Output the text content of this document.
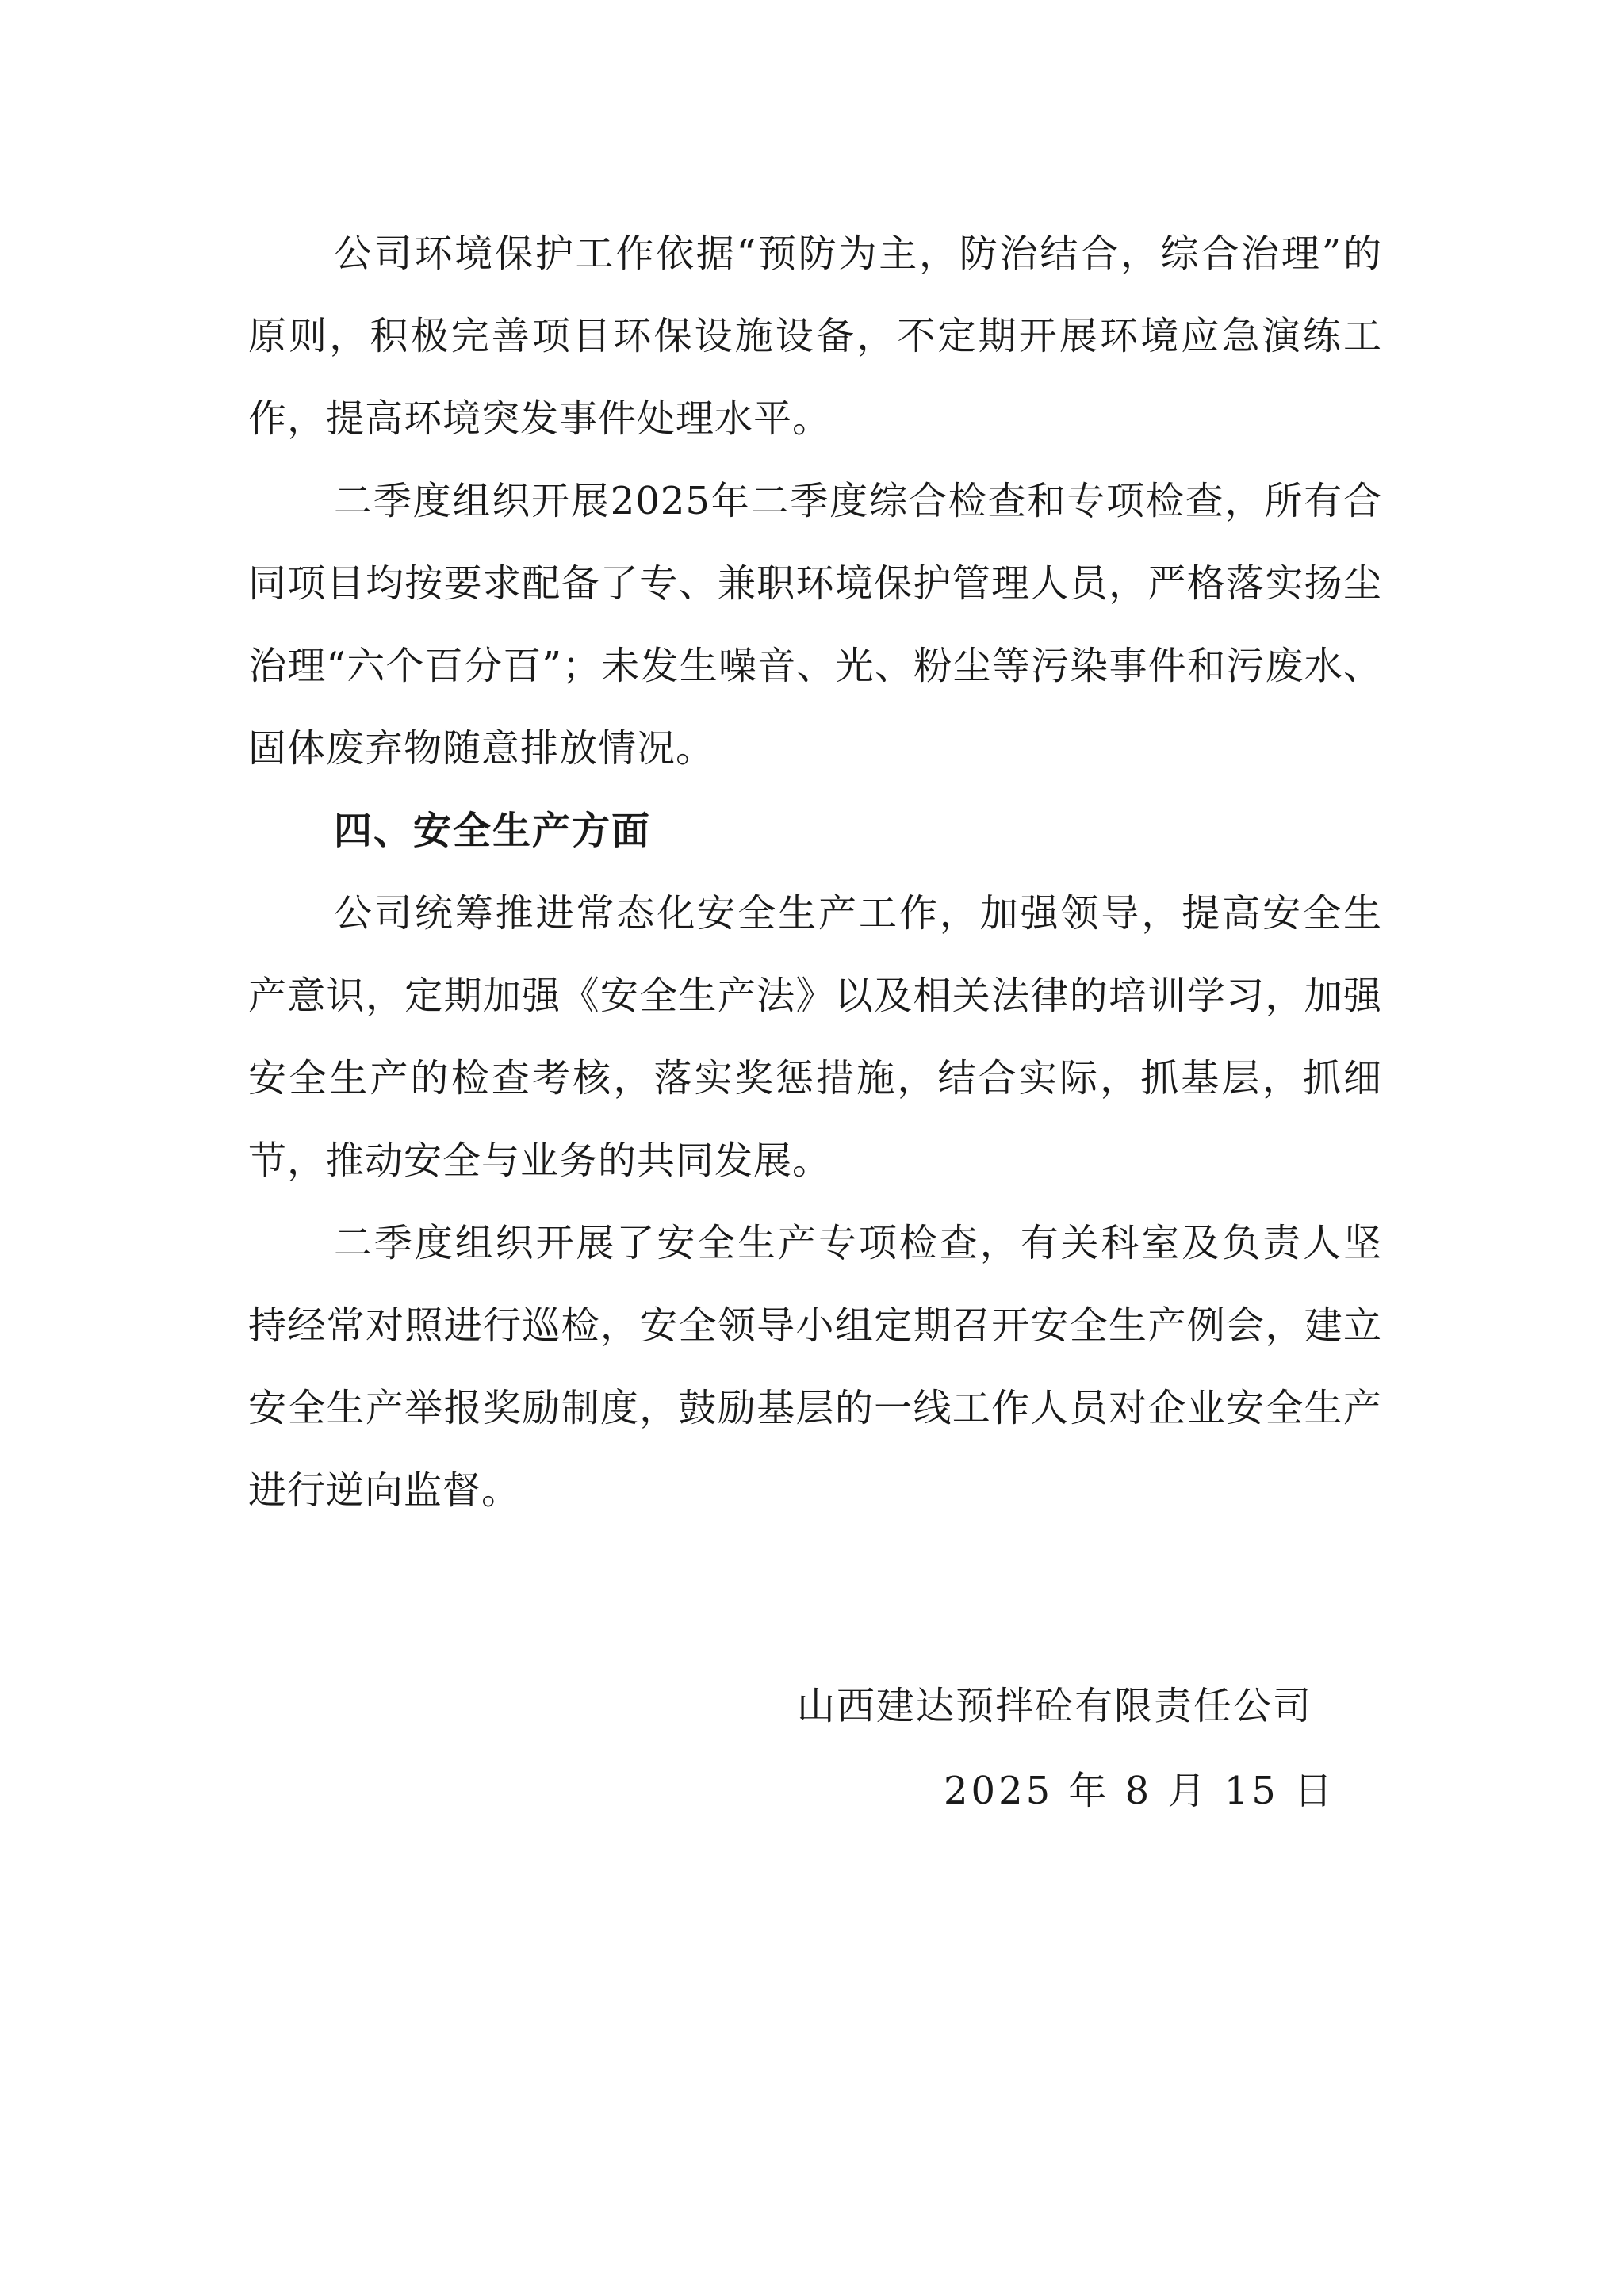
公司环境保护工作依据“预防为主，防治结合，综合治理”的原则，积极完善项目环保设施设备，不定期开展环境应急演练工作，提高环境突发事件处理水平。

二季度组织开展2025年二季度综合检查和专项检查，所有合同项目均按要求配备了专、兼职环境保护管理人员，严格落实扬尘治理“六个百分百”；未发生噪音、光、粉尘等污染事件和污废水、固体废弃物随意排放情况。

四、安全生产方面

公司统筹推进常态化安全生产工作，加强领导，提高安全生产意识，定期加强《安全生产法》以及相关法律的培训学习，加强安全生产的检查考核，落实奖惩措施，结合实际，抓基层，抓细节，推动安全与业务的共同发展。

二季度组织开展了安全生产专项检查，有关科室及负责人坚持经常对照进行巡检，安全领导小组定期召开安全生产例会，建立安全生产举报奖励制度，鼓励基层的一线工作人员对企业安全生产进行逆向监督。

山西建达预拌砼有限责任公司
2025 年 8 月 15 日
